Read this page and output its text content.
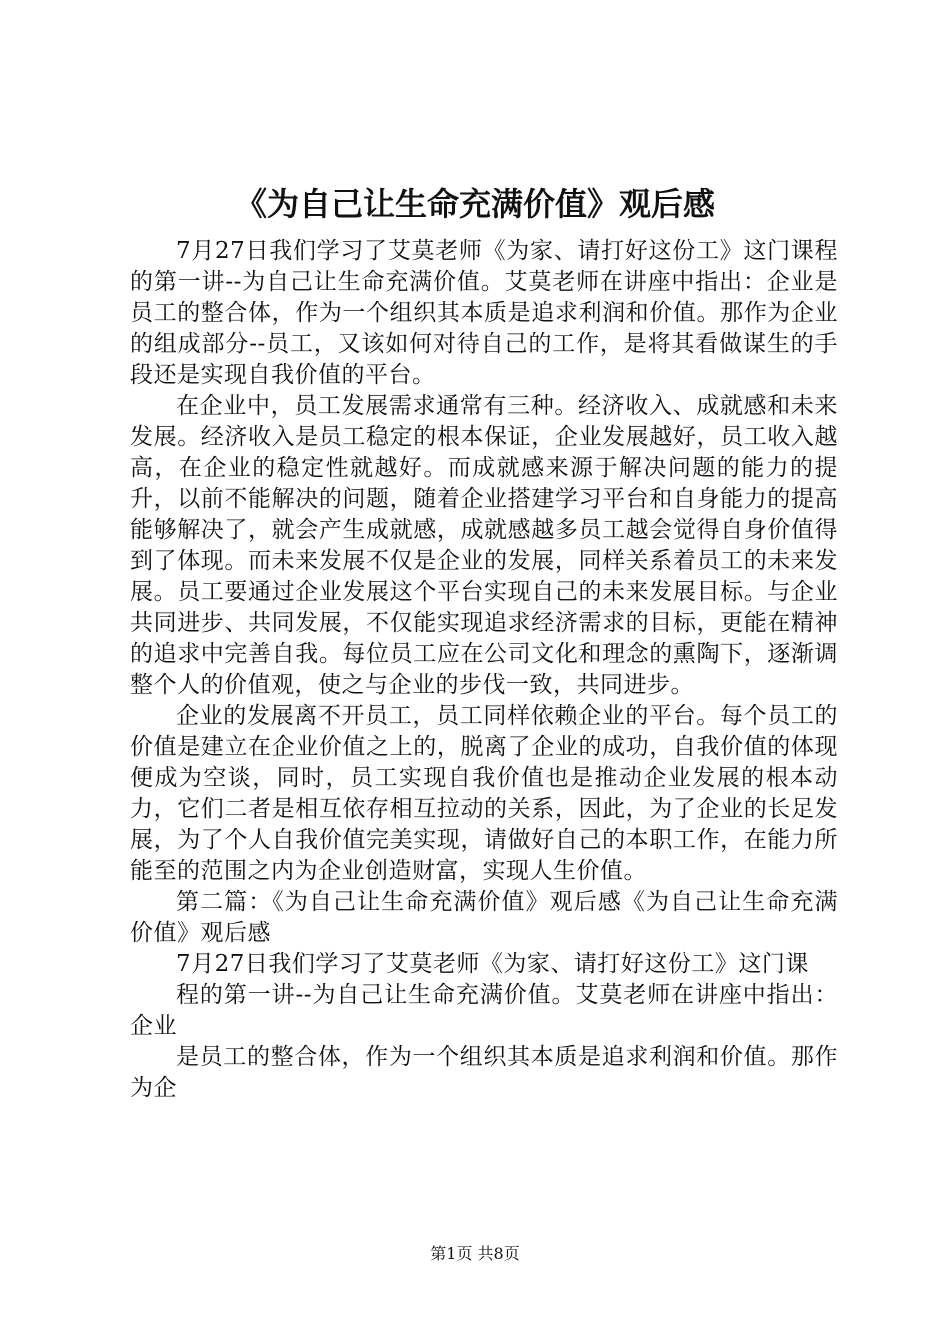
《为自己让生命充满价值》观后感

7月27日我们学习了艾莫老师《为家、请打好这份工》这门课程的第一讲--为自己让生命充满价值。艾莫老师在讲座中指出：企业是员工的整合体，作为一个组织其本质是追求利润和价值。那作为企业的组成部分--员工，又该如何对待自己的工作，是将其看做谋生的手段还是实现自我价值的平台。

在企业中，员工发展需求通常有三种。经济收入、成就感和未来发展。经济收入是员工稳定的根本保证，企业发展越好，员工收入越高，在企业的稳定性就越好。而成就感来源于解决问题的能力的提升，以前不能解决的问题，随着企业搭建学习平台和自身能力的提高能够解决了，就会产生成就感，成就感越多员工越会觉得自身价值得到了体现。而未来发展不仅是企业的发展，同样关系着员工的未来发展。员工要通过企业发展这个平台实现自己的未来发展目标。与企业共同进步、共同发展，不仅能实现追求经济需求的目标，更能在精神的追求中完善自我。每位员工应在公司文化和理念的熏陶下，逐渐调整个人的价值观，使之与企业的步伐一致，共同进步。

企业的发展离不开员工，员工同样依赖企业的平台。每个员工的价值是建立在企业价值之上的，脱离了企业的成功，自我价值的体现便成为空谈，同时，员工实现自我价值也是推动企业发展的根本动力，它们二者是相互依存相互拉动的关系，因此，为了企业的长足发展，为了个人自我价值完美实现，请做好自己的本职工作，在能力所能至的范围之内为企业创造财富，实现人生价值。

第二篇：《为自己让生命充满价值》观后感《为自己让生命充满价值》观后感

7月27日我们学习了艾莫老师《为家、请打好这份工》这门课

程的第一讲--为自己让生命充满价值。艾莫老师在讲座中指出：企业

是员工的整合体，作为一个组织其本质是追求利润和价值。那作为企

第1页 共8页
